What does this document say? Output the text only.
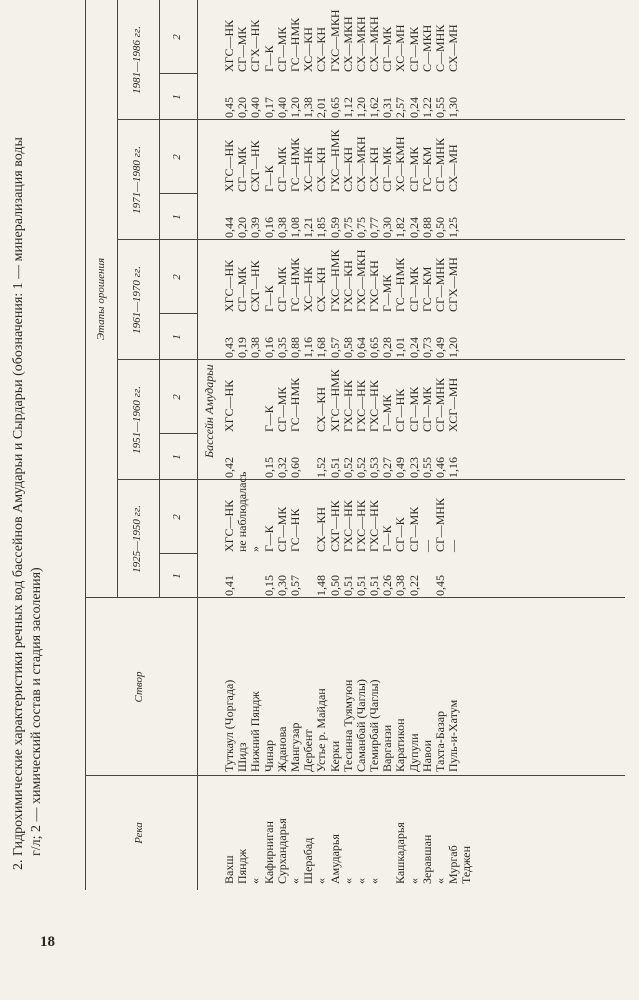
18
2. Гидрохимические характеристики речных вод бассейнов Амударьи и Сырдарьи (обозначения: 1 — минерализация воды г/л; 2 — химический состав и стадия засоления)	Река
Створ
Этапы орошения
1925—1950 гг.
1951—1960 гг.
1961—1970 гг.
1971—1980 гг.
1981—1986 гг.
1
2
1
2
1
2
1
2
1
2
Бассейн Амударьи
Вахш Пяндж « Кафирниган Сурхандарья « Шерабад « Амударья « « « Кашкадарья « Зеравшан « Мургаб Теджен
Туткаул (Чоргада) Шидз Нижний Пяндж Чинар Жданова Мангузар Дербент Устье р. Майдан Керки Тесинна Туямуюн Саманбай (Чаглы) Темирбай (Чаглы) Варганзи Каратикон Дупули Навои Тахта-Базар Пуль-и-Хатум
0,41 0,15 0,30 0,57 1,48 0,50 0,51 0,51 0,51 0,26 0,38 0,22 0,45
ХГС—НК не наблюдалась » Г—К СГ—МК ГС—НК СХ—КН СХГ—НК ГХС—НК ГХС—НК ГХС—НК Г—К СГ—К СГ—МК — СГ—МНК —
0,42 0,15 0,32 0,60 1,52 0,51 0,52 0,52 0,53 0,27 0,49 0,23 0,55 0,46 1,16
ХГС—НК Г—К СГ—МК ГС—НМК СХ—КН ХГС—НМК ГХС—НК ГХС—НК ГХС—НК Г—МК СГ—НК СГ—МК СГ—МК СГ—МНК ХСГ—МН
0,43 0,19 0,38 0,16 0,35 0,88 1,16 1,68 0,57 0,58 0,64 0,65 0,28 1,01 0,24 0,73 0,49 1,20
ХГС—НК СГ—МК СХГ—НК Г—К СГ—МК ГС—НМК ХС—НК СХ—КН ГХС—НМК ГХС—КН ГХС—МКН ГХС—КН Г—МК ГС—НМК СГ—МК ГС—КМ СГ—МНК СГХ—МН
0,44 0,20 0,39 0,16 0,38 1,08 1,21 1,85 0,59 0,75 0,75 0,77 0,30 1,82 0,24 0,88 0,50 1,25
ХГС—НК СГ—МК СХГ—НК Г—К СГ—МК ГС—НМК ХС—НК СХ—КН ГХС—НМК СХ—КН СХ—МКН СХ—КН СГ—МК ХС—КМН СГ—МК ГС—КМ СГ—МНК СХ—МН
0,45 0,20 0,40 0,17 0,40 1,20 1,38 2,01 0,65 1,12 1,20 1,62 0,31 2,57 0,24 1,22 0,55 1,30
ХГС—НК СГ—МК СГХ—НК Г—К СГ—МК ГС—НМК ХС—КН СХ—КН ГХС—МКН СХ—МКН СХ—МКН СХ—МКН СГ—МК ХС—МН СГ—МК С—МКН С—МНК СХ—МН
